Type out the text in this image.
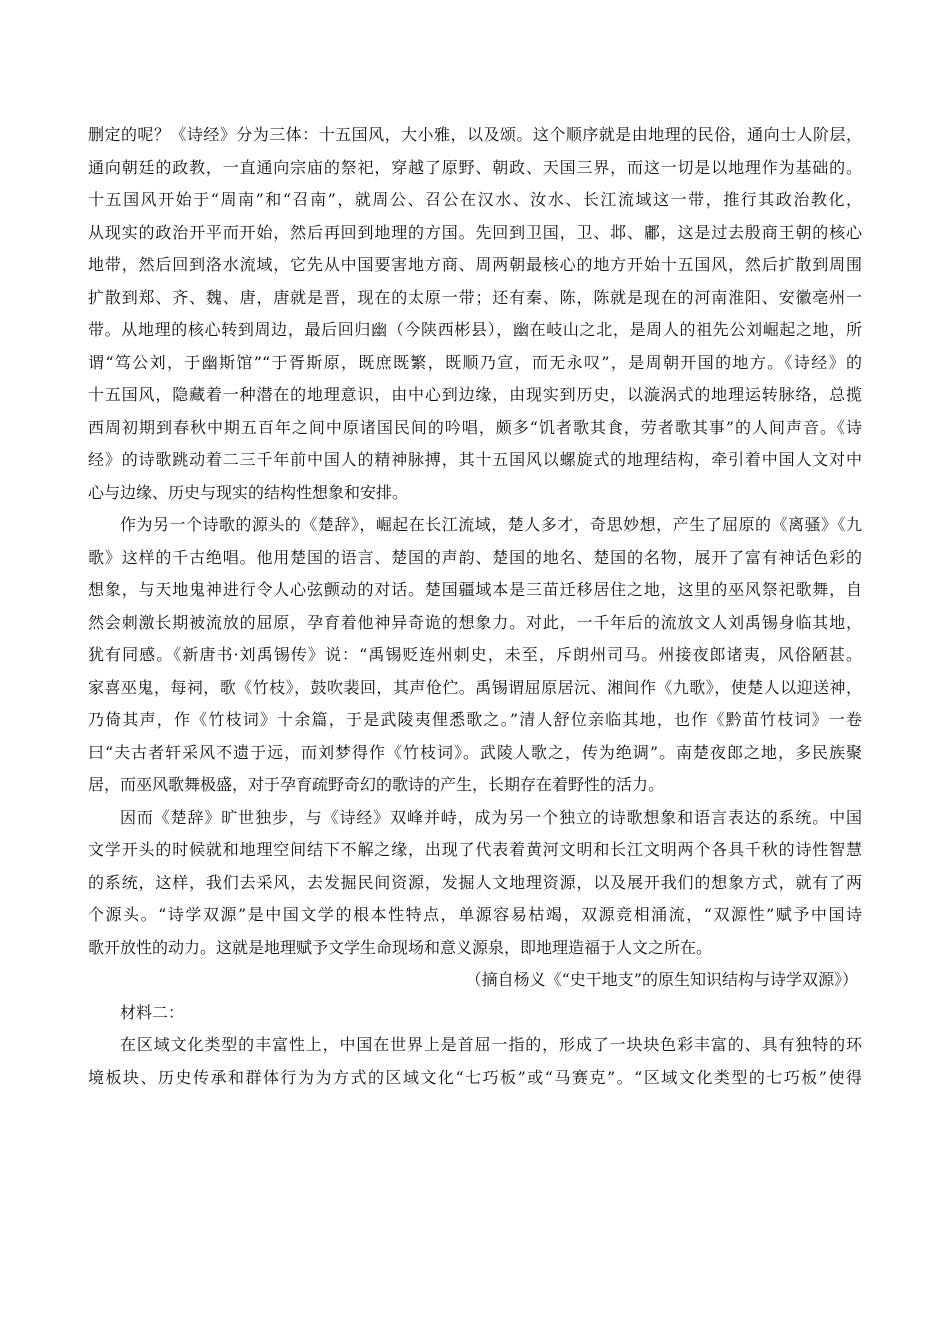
删定的呢？《诗经》分为三体：十五国风，大小雅，以及颂。这个顺序就是由地理的民俗，通向士人阶层，
通向朝廷的政教，一直通向宗庙的祭祀，穿越了原野、朝政、天国三界，而这一切是以地理作为基础的。
十五国风开始于“周南”和“召南”，就周公、召公在汉水、汝水、长江流域这一带，推行其政治教化，
从现实的政治开平而开始，然后再回到地理的方国。先回到卫国，卫、邶、鄘，这是过去殷商王朝的核心
地带，然后回到洛水流域，它先从中国要害地方商、周两朝最核心的地方开始十五国风，然后扩散到周围
扩散到郑、齐、魏、唐，唐就是晋，现在的太原一带；还有秦、陈，陈就是现在的河南淮阳、安徽亳州一
带。从地理的核心转到周边，最后回归幽（今陕西彬县），幽在岐山之北，是周人的祖先公刘崛起之地，所
谓“笃公刘，于幽斯馆”“于胥斯原，既庶既繁，既顺乃宣，而无永叹”，是周朝开国的地方。《诗经》的
十五国风，隐藏着一种潜在的地理意识，由中心到边缘，由现实到历史，以漩涡式的地理运转脉络，总揽
西周初期到春秋中期五百年之间中原诸国民间的吟唱，颇多“饥者歌其食，劳者歌其事”的人间声音。《诗
经》的诗歌跳动着二三千年前中国人的精神脉搏，其十五国风以螺旋式的地理结构，牵引着中国人文对中
心与边缘、历史与现实的结构性想象和安排。
作为另一个诗歌的源头的《楚辞》，崛起在长江流域，楚人多才，奇思妙想，产生了屈原的《离骚》《九
歌》这样的千古绝唱。他用楚国的语言、楚国的声韵、楚国的地名、楚国的名物，展开了富有神话色彩的
想象，与天地鬼神进行令人心弦颤动的对话。楚国疆域本是三苗迁移居住之地，这里的巫风祭祀歌舞，自
然会刺激长期被流放的屈原，孕育着他神异奇诡的想象力。对此，一千年后的流放文人刘禹锡身临其地，
犹有同感。《新唐书·刘禹锡传》说：“禹锡贬连州刺史，未至，斥朗州司马。州接夜郎诸夷，风俗陋甚。
家喜巫鬼，每祠，歌《竹枝》，鼓吹裴回，其声伧伫。禹锡谓屈原居沅、湘间作《九歌》，使楚人以迎送神，
乃倚其声，作《竹枝词》十余篇，于是武陵夷俚悉歌之。”清人舒位亲临其地，也作《黔苗竹枝词》一卷
曰“夫古者轩采风不遗于远，而刘梦得作《竹枝词》。武陵人歌之，传为绝调”。南楚夜郎之地，多民族聚
居，而巫风歌舞极盛，对于孕育疏野奇幻的歌诗的产生，长期存在着野性的活力。
因而《楚辞》旷世独步，与《诗经》双峰并峙，成为另一个独立的诗歌想象和语言表达的系统。中国
文学开头的时候就和地理空间结下不解之缘，出现了代表着黄河文明和长江文明两个各具千秋的诗性智慧
的系统，这样，我们去采风，去发掘民间资源，发掘人文地理资源，以及展开我们的想象方式，就有了两
个源头。“诗学双源”是中国文学的根本性特点，单源容易枯竭，双源竞相涌流，“双源性”赋予中国诗
歌开放性的动力。这就是地理赋予文学生命现场和意义源泉，即地理造福于人文之所在。
（摘自杨义《“史干地支”的原生知识结构与诗学双源》）
材料二：
在区域文化类型的丰富性上，中国在世界上是首屈一指的，形成了一块块色彩丰富的、具有独特的环
境板块、历史传承和群体行为为方式的区域文化“七巧板”或“马赛克”。“区域文化类型的七巧板”使得
